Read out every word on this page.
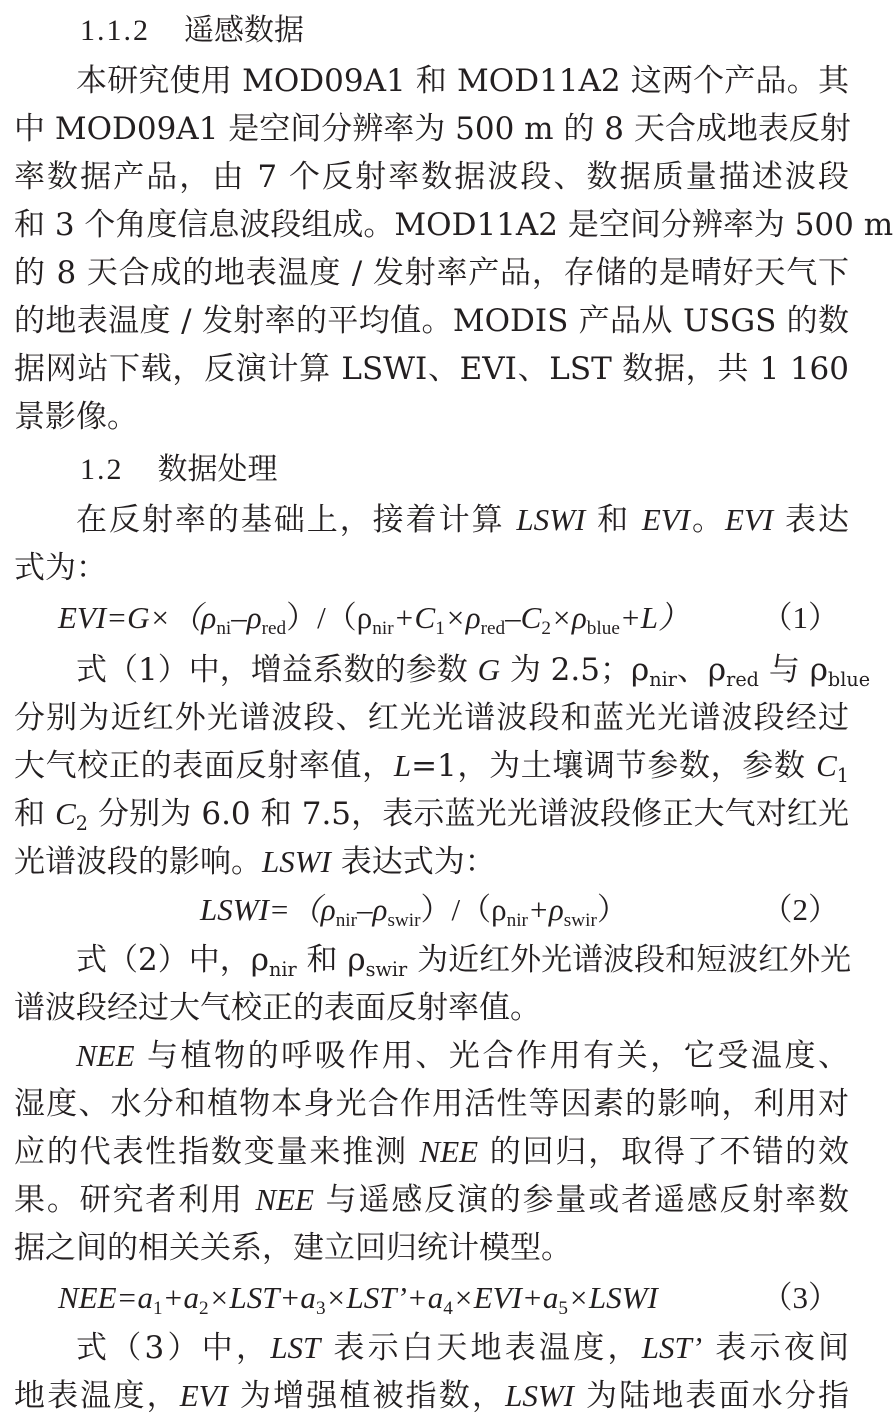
1.1.2 遥感数据
本研究使用 MOD09A1 和 MOD11A2 这两个产品。其
中 MOD09A1 是空间分辨率为 500 m 的 8 天合成地表反射
率数据产品，由 7 个反射率数据波段、数据质量描述波段
和 3 个角度信息波段组成。MOD11A2 是空间分辨率为 500 m
的 8 天合成的地表温度 / 发射率产品，存储的是晴好天气下
的地表温度 / 发射率的平均值。MODIS 产品从 USGS 的数
据网站下载，反演计算 LSWI、EVI、LST 数据，共 1 160
景影像。
1.2 数据处理
在反射率的基础上，接着计算 LSWI 和 EVI。EVI 表达
式为：
$EVI=G\times(\rho_{ni}-\rho_{red})/(\rho_{nir}+C_1\times\rho_{red}-C_2\times\rho_{blue}+L)$ （1）
式（1）中，增益系数的参数 G 为 2.5；$\rho_{nir}$、$\rho_{red}$ 与 $\rho_{blue}$
分别为近红外光谱波段、红光光谱波段和蓝光光谱波段经过
大气校正的表面反射率值，L=1，为土壤调节参数，参数 $C_1$
和 $C_2$ 分别为 6.0 和 7.5，表示蓝光光谱波段修正大气对红光
光谱波段的影响。LSWI 表达式为：
$LSWI=(\rho_{nir}-\rho_{swir})/(\rho_{nir}+\rho_{swir})$	（2）
式（2）中，$\rho_{nir}$ 和 $\rho_{swir}$ 为近红外光谱波段和短波红外光
谱波段经过大气校正的表面反射率值。
NEE 与植物的呼吸作用、光合作用有关，它受温度、
湿度、水分和植物本身光合作用活性等因素的影响，利用对
应的代表性指数变量来推测 NEE 的回归，取得了不错的效
果。研究者利用 NEE 与遥感反演的参量或者遥感反射率数
据之间的相关关系，建立回归统计模型。
$NEE=a_1+a_2\times LST+a_3\times LST’+a_4\times EVI+a_5\times LSWI$	（3）
式（3）中，LST 表示白天地表温度，LST’ 表示夜间
地表温度，EVI 为增强植被指数，LSWI 为陆地表面水分指
